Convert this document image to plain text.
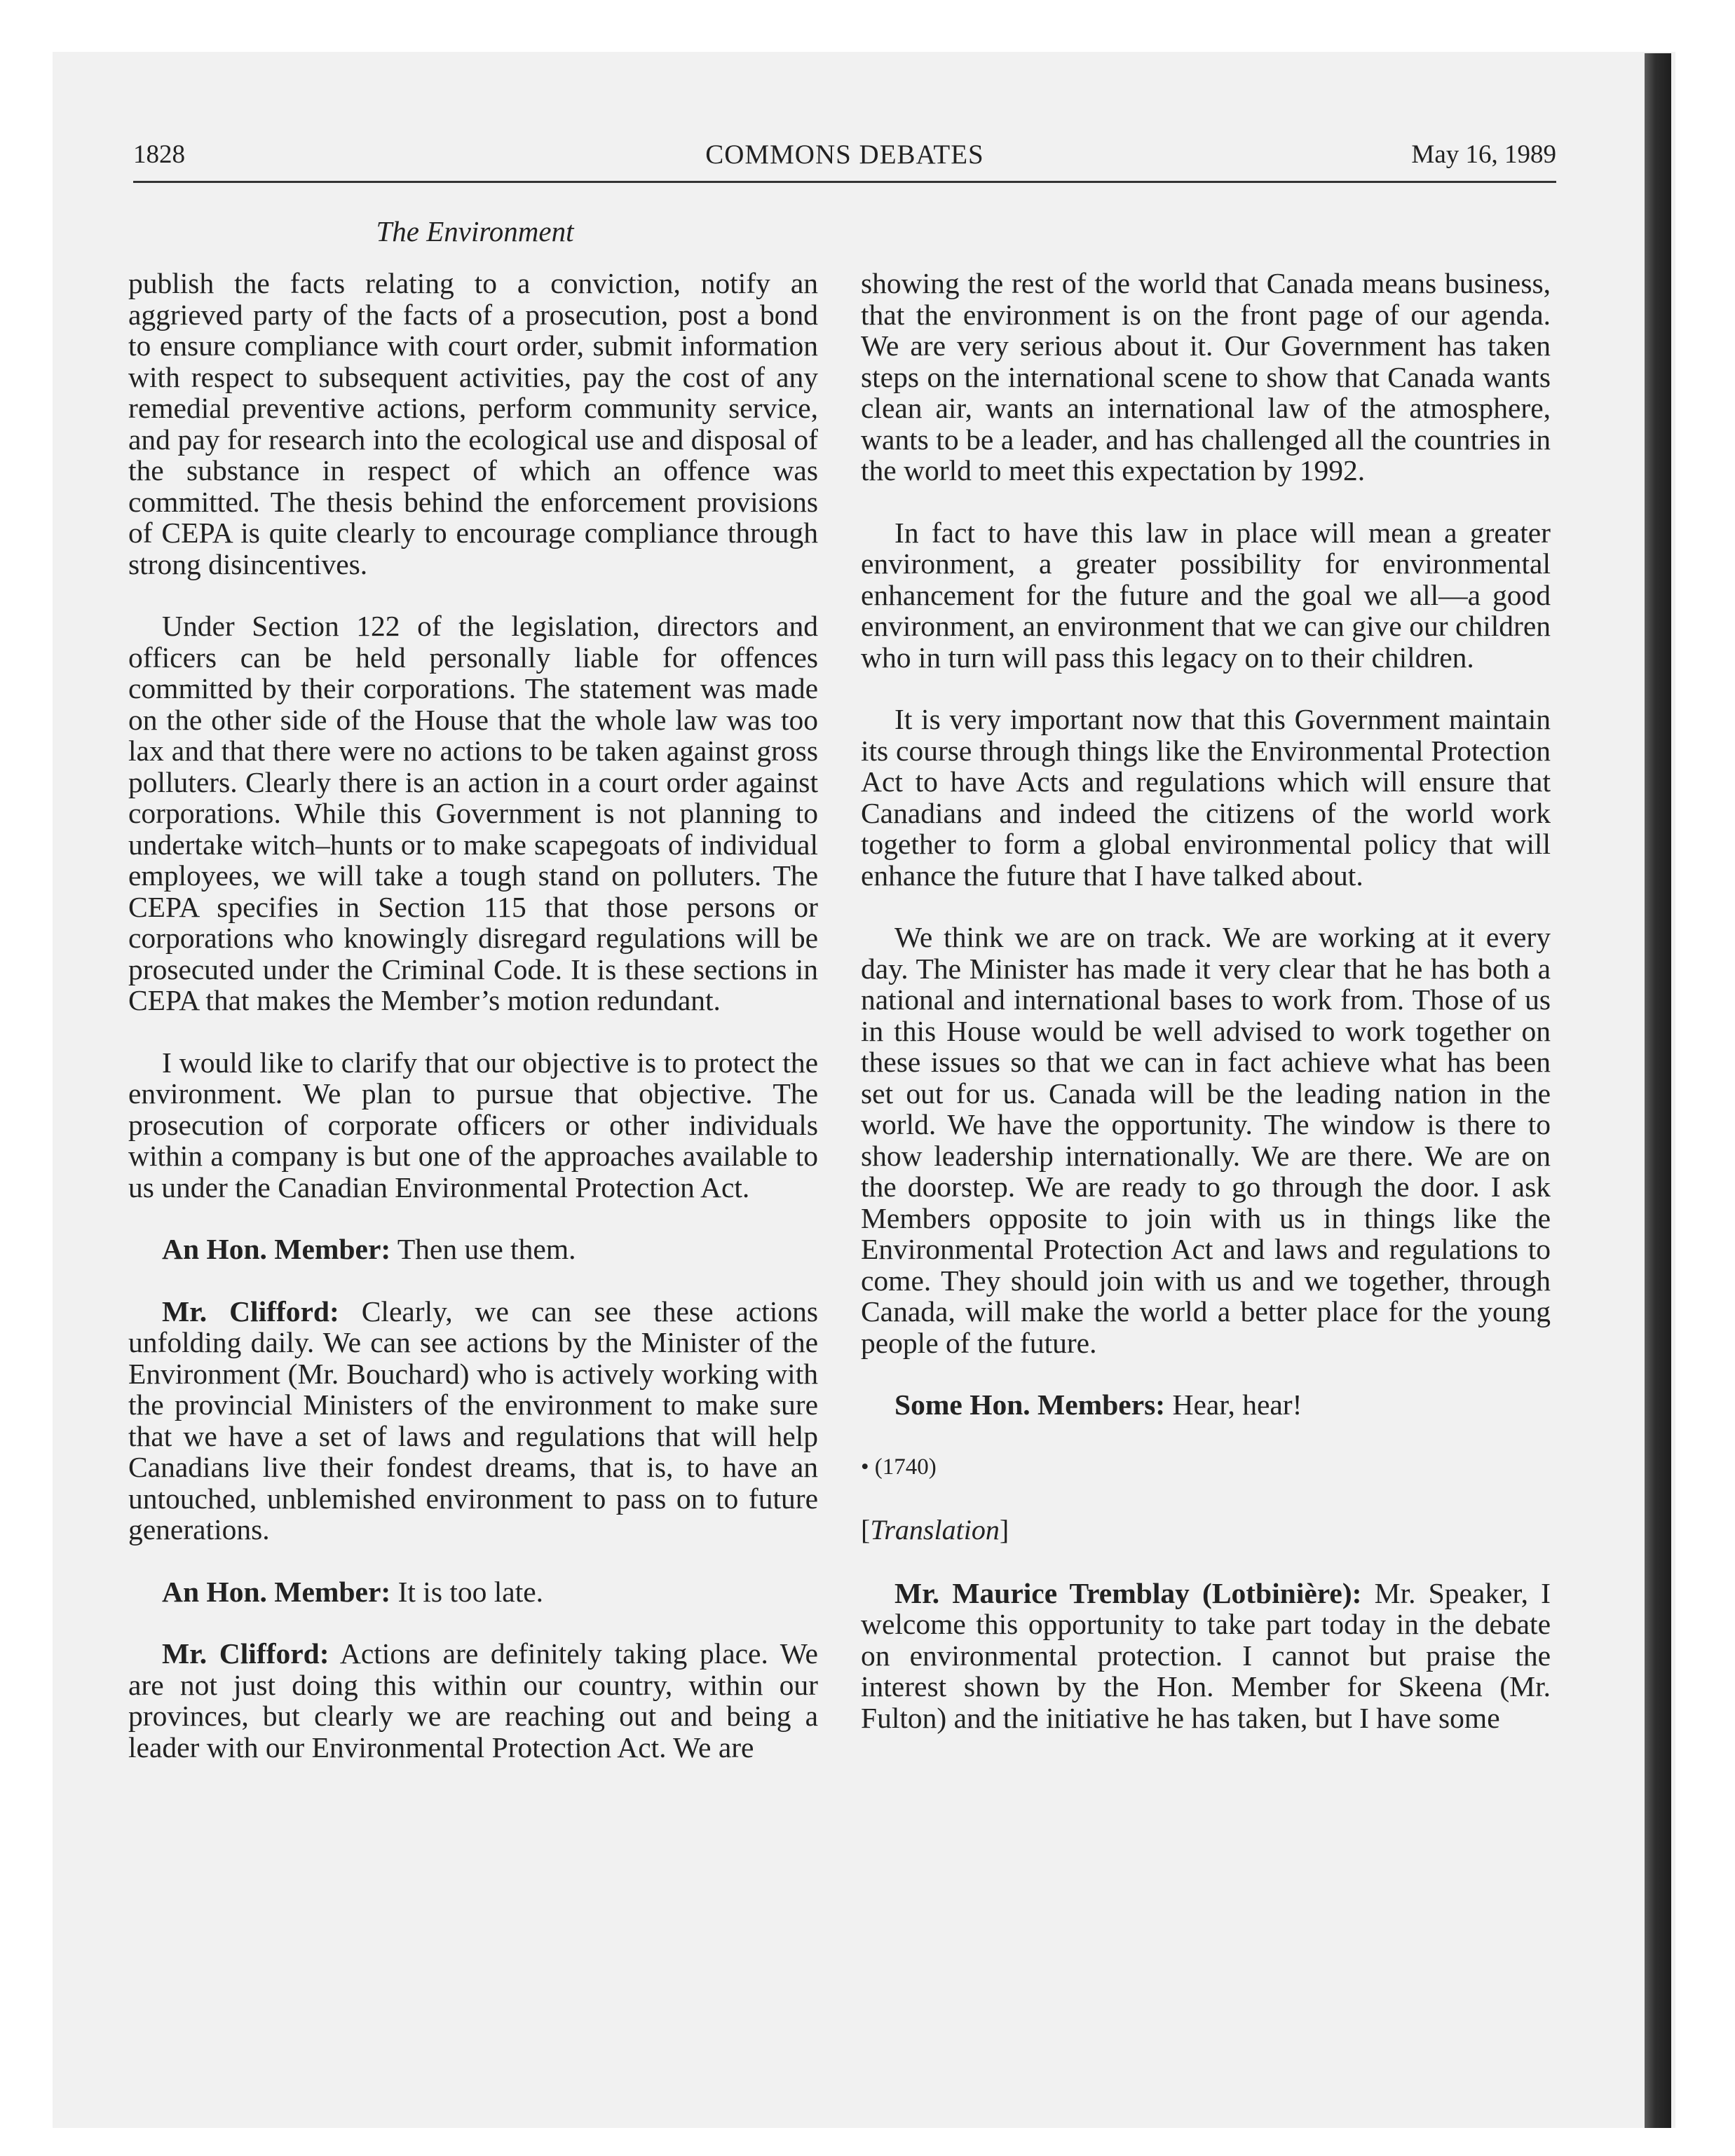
1828	COMMONS DEBATES	May 16, 1989
The Environment

publish the facts relating to a conviction, notify an aggrieved party of the facts of a prosecution, post a bond to ensure compliance with court order, submit information with respect to subsequent activities, pay the cost of any remedial preventive actions, perform community service, and pay for research into the ecological use and disposal of the substance in respect of which an offence was committed. The thesis behind the enforcement provisions of CEPA is quite clearly to encourage compliance through strong disincentives.

Under Section 122 of the legislation, directors and officers can be held personally liable for offences committed by their corporations. The statement was made on the other side of the House that the whole law was too lax and that there were no actions to be taken against gross polluters. Clearly there is an action in a court order against corporations. While this Government is not planning to undertake witch–hunts or to make scapegoats of individual employees, we will take a tough stand on polluters. The CEPA specifies in Section 115 that those persons or corporations who knowingly disregard regulations will be prosecuted under the Criminal Code. It is these sections in CEPA that makes the Member’s motion redundant.

I would like to clarify that our objective is to protect the environment. We plan to pursue that objective. The prosecution of corporate officers or other individuals within a company is but one of the approaches available to us under the Canadian Environmental Protection Act.

An Hon. Member: Then use them.

Mr. Clifford: Clearly, we can see these actions unfolding daily. We can see actions by the Minister of the Environment (Mr. Bouchard) who is actively working with the provincial Ministers of the environment to make sure that we have a set of laws and regulations that will help Canadians live their fondest dreams, that is, to have an untouched, unblemished environment to pass on to future generations.

An Hon. Member: It is too late.

Mr. Clifford: Actions are definitely taking place. We are not just doing this within our country, within our provinces, but clearly we are reaching out and being a leader with our Environmental Protection Act. We are

showing the rest of the world that Canada means business, that the environment is on the front page of our agenda. We are very serious about it. Our Government has taken steps on the international scene to show that Canada wants clean air, wants an international law of the atmosphere, wants to be a leader, and has challenged all the countries in the world to meet this expectation by 1992.

In fact to have this law in place will mean a greater environment, a greater possibility for environmental enhancement for the future and the goal we all—a good environment, an environment that we can give our children who in turn will pass this legacy on to their children.

It is very important now that this Government maintain its course through things like the Environmental Protection Act to have Acts and regulations which will ensure that Canadians and indeed the citizens of the world work together to form a global environmental policy that will enhance the future that I have talked about.

We think we are on track. We are working at it every day. The Minister has made it very clear that he has both a national and international bases to work from. Those of us in this House would be well advised to work together on these issues so that we can in fact achieve what has been set out for us. Canada will be the leading nation in the world. We have the opportunity. The window is there to show leadership internationally. We are there. We are on the doorstep. We are ready to go through the door. I ask Members opposite to join with us in things like the Environmental Protection Act and laws and regulations to come. They should join with us and we together, through Canada, will make the world a better place for the young people of the future.

Some Hon. Members: Hear, hear!

• (1740)
[Translation]

Mr. Maurice Tremblay (Lotbinière): Mr. Speaker, I welcome this opportunity to take part today in the debate on environmental protection. I cannot but praise the interest shown by the Hon. Member for Skeena (Mr. Fulton) and the initiative he has taken, but I have some
